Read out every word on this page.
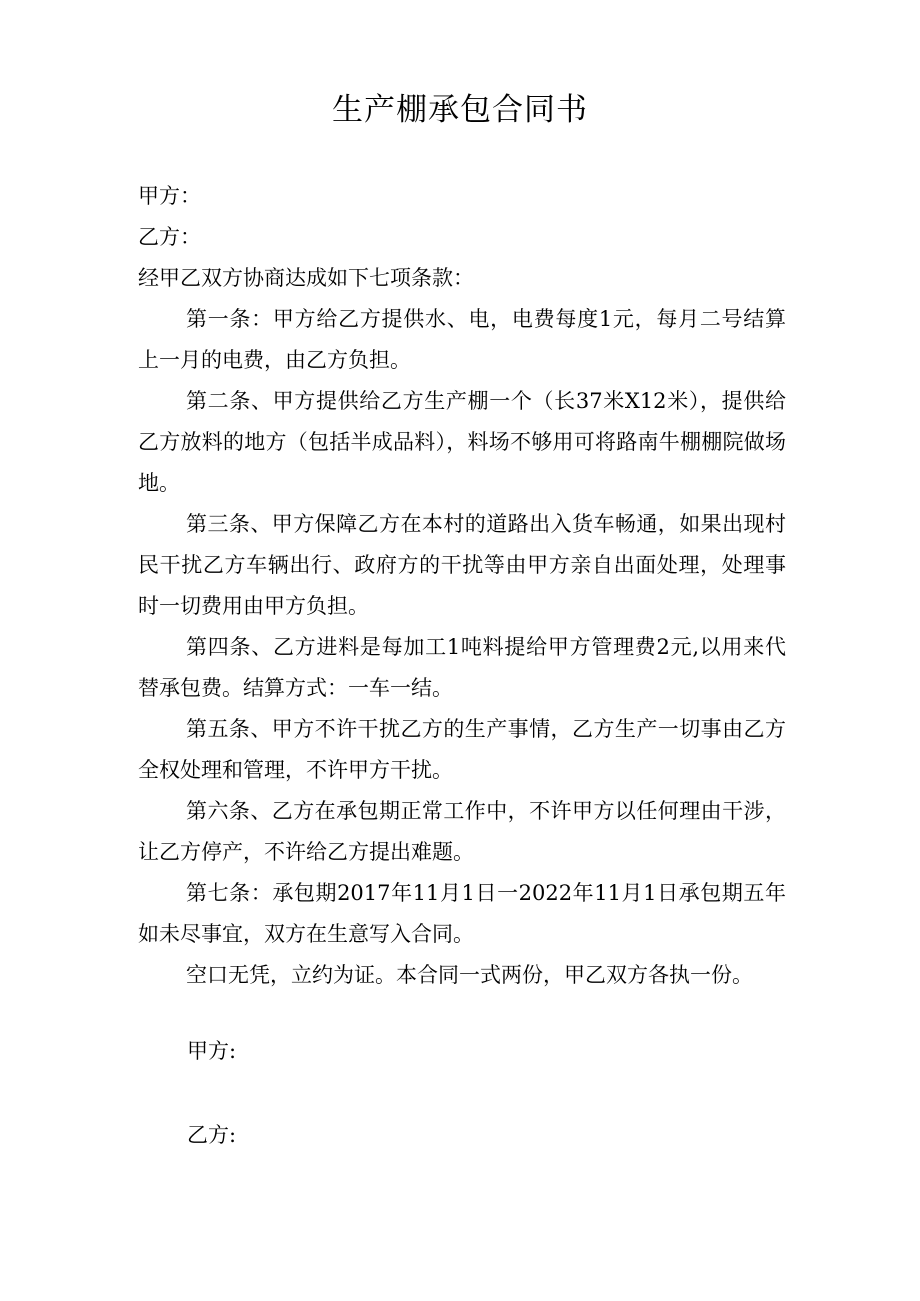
生产棚承包合同书

甲方：

乙方：

经甲乙双方协商达成如下七项条款：

第一条：甲方给乙方提供水、电，电费每度1元，每月二号结算上一月的电费，由乙方负担。

第二条、甲方提供给乙方生产棚一个（长37米X12米），提供给乙方放料的地方（包括半成品料），料场不够用可将路南牛棚棚院做场地。

第三条、甲方保障乙方在本村的道路出入货车畅通，如果出现村民干扰乙方车辆出行、政府方的干扰等由甲方亲自出面处理，处理事时一切费用由甲方负担。

第四条、乙方进料是每加工1吨料提给甲方管理费2元,以用来代替承包费。结算方式：一车一结。

第五条、甲方不许干扰乙方的生产事情，乙方生产一切事由乙方全权处理和管理，不许甲方干扰。

第六条、乙方在承包期正常工作中，不许甲方以任何理由干涉，让乙方停产，不许给乙方提出难题。

第七条：承包期2017年11月1日一2022年11月1日承包期五年如未尽事宜，双方在生意写入合同。

空口无凭，立约为证。本合同一式两份，甲乙双方各执一份。

甲方:
乙方:
